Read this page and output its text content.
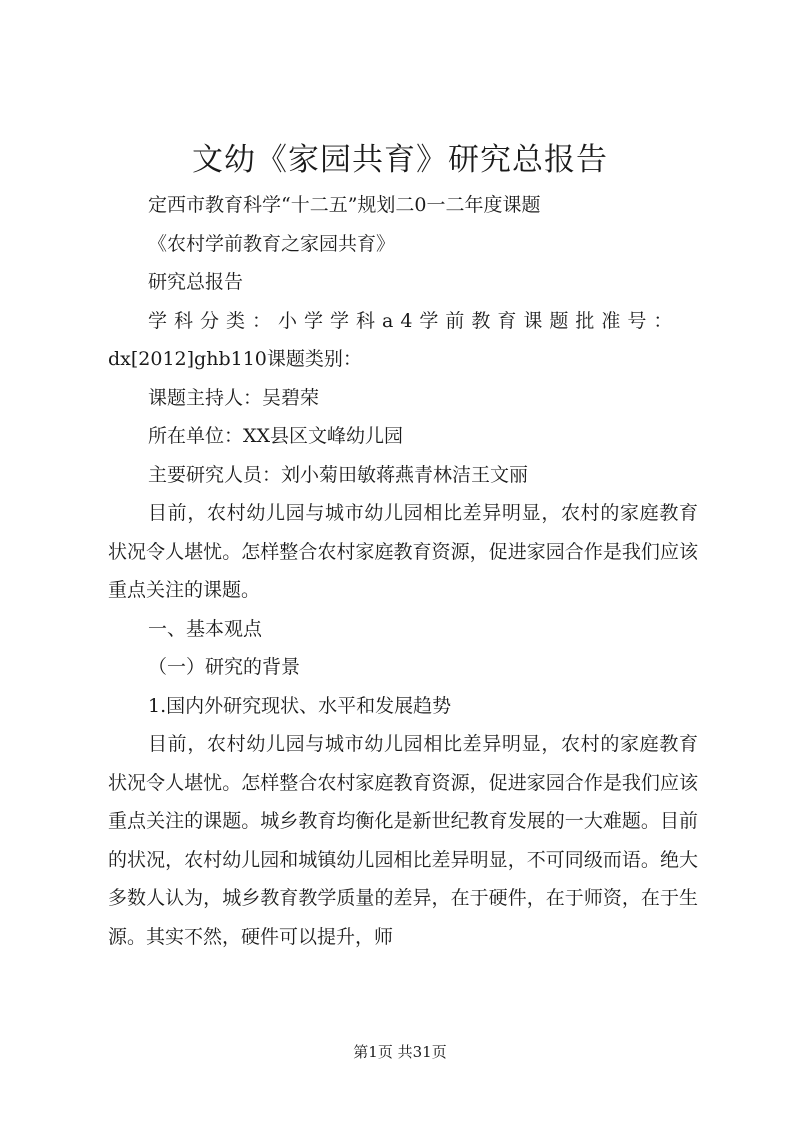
文幼《家园共育》研究总报告

定西市教育科学“十二五”规划二0一二年度课题

《农村学前教育之家园共育》

研究总报告

学科分类：小学学科a4学前教育课题批准号：

dx[2012]ghb110课题类别：

课题主持人：吴碧荣

所在单位：XX县区文峰幼儿园

主要研究人员：刘小菊田敏蒋燕青林洁王文丽

目前，农村幼儿园与城市幼儿园相比差异明显，农村的家庭教育状况令人堪忧。怎样整合农村家庭教育资源，促进家园合作是我们应该重点关注的课题。

一、基本观点

（一）研究的背景

1.国内外研究现状、水平和发展趋势

目前，农村幼儿园与城市幼儿园相比差异明显，农村的家庭教育状况令人堪忧。怎样整合农村家庭教育资源，促进家园合作是我们应该重点关注的课题。城乡教育均衡化是新世纪教育发展的一大难题。目前的状况，农村幼儿园和城镇幼儿园相比差异明显，不可同级而语。绝大多数人认为，城乡教育教学质量的差异，在于硬件，在于师资，在于生源。其实不然，硬件可以提升，师

第1页 共31页
